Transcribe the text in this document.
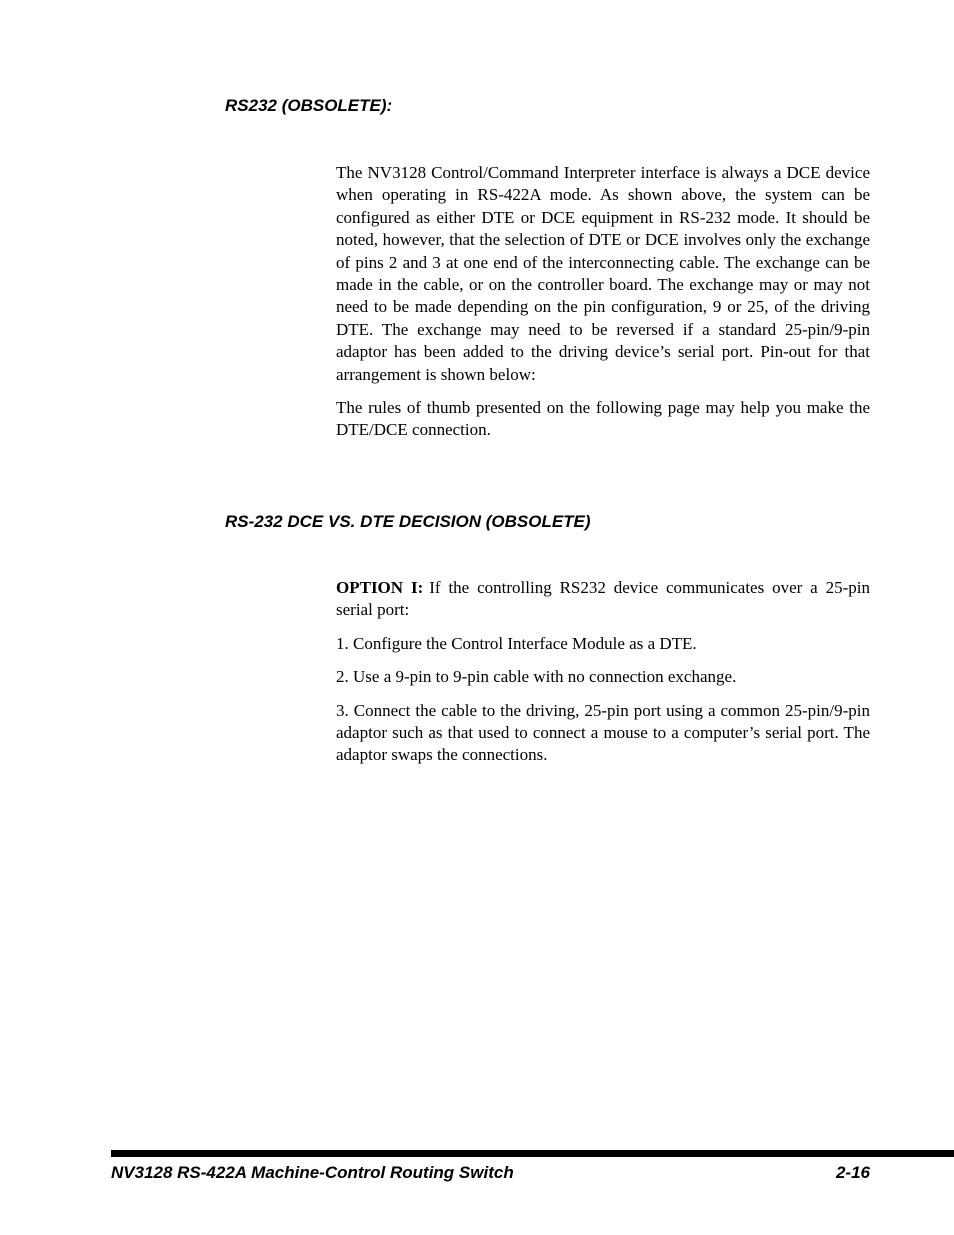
RS232 (OBSOLETE):

The NV3128 Control/Command Interpreter interface is always a DCE device when operating in RS-422A mode. As shown above, the system can be configured as either DTE or DCE equipment in RS-232 mode. It should be noted, however, that the selection of DTE or DCE involves only the exchange of pins 2 and 3 at one end of the interconnecting cable. The exchange can be made in the cable, or on the controller board. The exchange may or may not need to be made depending on the pin configuration, 9 or 25, of the driving DTE. The exchange may need to be reversed if a standard 25-pin/9-pin adaptor has been added to the driving device’s serial port. Pin-out for that arrangement is shown below:

The rules of thumb presented on the following page may help you make the DTE/DCE connection.

RS-232 DCE VS. DTE DECISION (OBSOLETE)

OPTION I: If the controlling RS232 device communicates over a 25-pin serial port:

1. Configure the Control Interface Module as a DTE.

2. Use a 9-pin to 9-pin cable with no connection exchange.

3. Connect the cable to the driving, 25-pin port using a common 25-pin/9-pin adaptor such as that used to connect a mouse to a computer’s serial port. The adaptor swaps the connections.

NV3128 RS-422A Machine-Control Routing Switch	2-16
